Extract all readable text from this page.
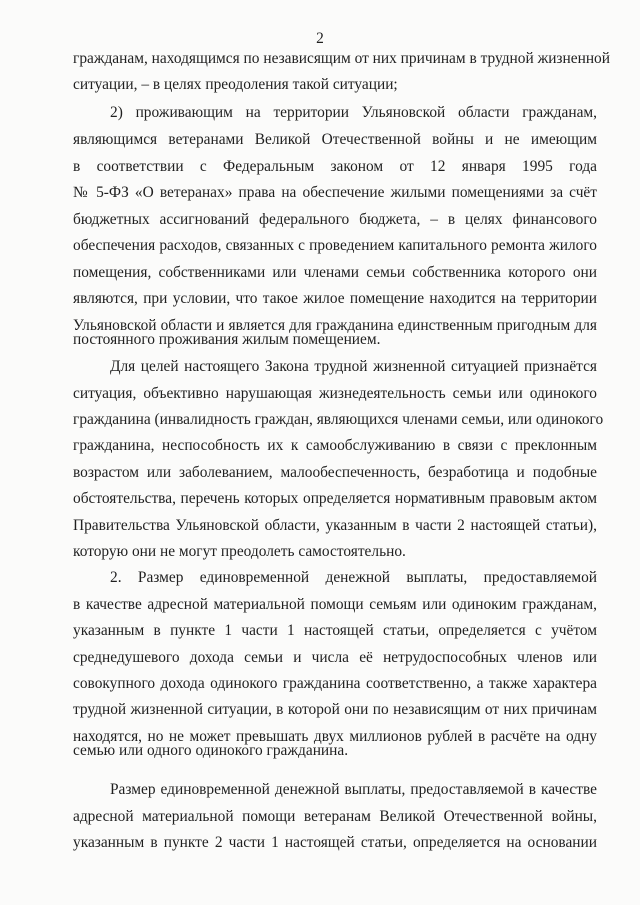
2
гражданам, находящимся по независящим от них причинам в трудной жизненной
ситуации, – в целях преодоления такой ситуации;
2) проживающим на территории Ульяновской области гражданам,
являющимся ветеранами Великой Отечественной войны и не имеющим
в соответствии с Федеральным законом от 12 января 1995 года
№ 5-ФЗ «О ветеранах» права на обеспечение жилыми помещениями за счёт
бюджетных ассигнований федерального бюджета, – в целях финансового
обеспечения расходов, связанных с проведением капитального ремонта жилого
помещения, собственниками или членами семьи собственника которого они
являются, при условии, что такое жилое помещение находится на территории
Ульяновской области и является для гражданина единственным пригодным для
постоянного проживания жилым помещением.
Для целей настоящего Закона трудной жизненной ситуацией признаётся
ситуация, объективно нарушающая жизнедеятельность семьи или одинокого
гражданина (инвалидность граждан, являющихся членами семьи, или одинокого
гражданина, неспособность их к самообслуживанию в связи с преклонным
возрастом или заболеванием, малообеспеченность, безработица и подобные
обстоятельства, перечень которых определяется нормативным правовым актом
Правительства Ульяновской области, указанным в части 2 настоящей статьи),
которую они не могут преодолеть самостоятельно.
2. Размер единовременной денежной выплаты, предоставляемой
в качестве адресной материальной помощи семьям или одиноким гражданам,
указанным в пункте 1 части 1 настоящей статьи, определяется с учётом
среднедушевого дохода семьи и числа её нетрудоспособных членов или
совокупного дохода одинокого гражданина соответственно, а также характера
трудной жизненной ситуации, в которой они по независящим от них причинам
находятся, но не может превышать двух миллионов рублей в расчёте на одну
семью или одного одинокого гражданина.
Размер единовременной денежной выплаты, предоставляемой в качестве
адресной материальной помощи ветеранам Великой Отечественной войны,
указанным в пункте 2 части 1 настоящей статьи, определяется на основании
